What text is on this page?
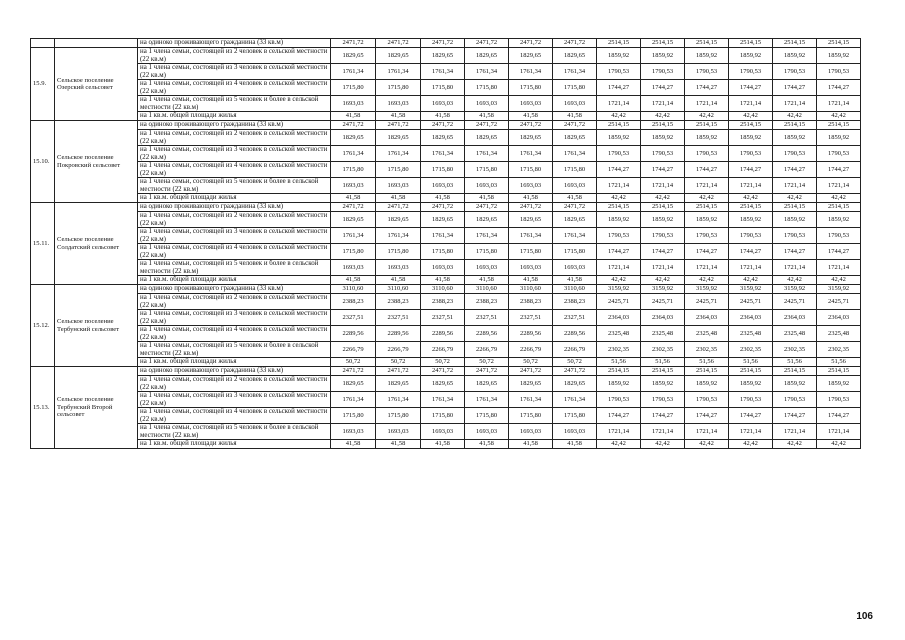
		на одиноко проживающего гражданина (33 кв.м)	2471,72	2471,72	2471,72	2471,72	2471,72	2471,72	2514,15	2514,15	2514,15	2514,15	2514,15	2514,15
15.9.	Сельское поселение Озерский сельсовет	на 1 члена семьи, состоящей из 2 человек в сельской местности (22 кв.м)	1829,65	1829,65	1829,65	1829,65	1829,65	1829,65	1859,92	1859,92	1859,92	1859,92	1859,92	1859,92
		на 1 члена семьи, состоящей из 3 человек в сельской местности (22 кв.м)	1761,34	1761,34	1761,34	1761,34	1761,34	1761,34	1790,53	1790,53	1790,53	1790,53	1790,53	1790,53
		на 1 члена семьи, состоящей из 4 человек в сельской местности (22 кв.м)	1715,80	1715,80	1715,80	1715,80	1715,80	1715,80	1744,27	1744,27	1744,27	1744,27	1744,27	1744,27
		на 1 члена семьи, состоящей из 5 человек и более в сельской местности (22 кв.м)	1693,03	1693,03	1693,03	1693,03	1693,03	1693,03	1721,14	1721,14	1721,14	1721,14	1721,14	1721,14
		на 1 кв.м. общей площади жилья	41,58	41,58	41,58	41,58	41,58	41,58	42,42	42,42	42,42	42,42	42,42	42,42
15.10.	Сельское поселение Покровский сельсовет	на одиноко проживающего гражданина (33 кв.м)	2471,72	2471,72	2471,72	2471,72	2471,72	2471,72	2514,15	2514,15	2514,15	2514,15	2514,15	2514,15
		на 1 члена семьи, состоящей из 2 человек в сельской местности (22 кв.м)	1829,65	1829,65	1829,65	1829,65	1829,65	1829,65	1859,92	1859,92	1859,92	1859,92	1859,92	1859,92
		на 1 члена семьи, состоящей из 3 человек в сельской местности (22 кв.м)	1761,34	1761,34	1761,34	1761,34	1761,34	1761,34	1790,53	1790,53	1790,53	1790,53	1790,53	1790,53
		на 1 члена семьи, состоящей из 4 человек в сельской местности (22 кв.м)	1715,80	1715,80	1715,80	1715,80	1715,80	1715,80	1744,27	1744,27	1744,27	1744,27	1744,27	1744,27
		на 1 члена семьи, состоящей из 5 человек и более в сельской местности (22 кв.м)	1693,03	1693,03	1693,03	1693,03	1693,03	1693,03	1721,14	1721,14	1721,14	1721,14	1721,14	1721,14
		на 1 кв.м. общей площади жилья	41,58	41,58	41,58	41,58	41,58	41,58	42,42	42,42	42,42	42,42	42,42	42,42
15.11.	Сельское поселение Солдатский сельсовет	на одиноко проживающего гражданина (33 кв.м)	2471,72	2471,72	2471,72	2471,72	2471,72	2471,72	2514,15	2514,15	2514,15	2514,15	2514,15	2514,15
		на 1 члена семьи, состоящей из 2 человек в сельской местности (22 кв.м)	1829,65	1829,65	1829,65	1829,65	1829,65	1829,65	1859,92	1859,92	1859,92	1859,92	1859,92	1859,92
		на 1 члена семьи, состоящей из 3 человек в сельской местности (22 кв.м)	1761,34	1761,34	1761,34	1761,34	1761,34	1761,34	1790,53	1790,53	1790,53	1790,53	1790,53	1790,53
		на 1 члена семьи, состоящей из 4 человек в сельской местности (22 кв.м)	1715,80	1715,80	1715,80	1715,80	1715,80	1715,80	1744,27	1744,27	1744,27	1744,27	1744,27	1744,27
		на 1 члена семьи, состоящей из 5 человек и более в сельской местности (22 кв.м)	1693,03	1693,03	1693,03	1693,03	1693,03	1693,03	1721,14	1721,14	1721,14	1721,14	1721,14	1721,14
		на 1 кв.м. общей площади жилья	41,58	41,58	41,58	41,58	41,58	41,58	42,42	42,42	42,42	42,42	42,42	42,42
15.12.	Сельское поселение Тербунский сельсовет	на одиноко проживающего гражданина (33 кв.м)	3110,60	3110,60	3110,60	3110,60	3110,60	3110,60	3159,92	3159,92	3159,92	3159,92	3159,92	3159,92
		на 1 члена семьи, состоящей из 2 человек в сельской местности (22 кв.м)	2388,23	2388,23	2388,23	2388,23	2388,23	2388,23	2425,71	2425,71	2425,71	2425,71	2425,71	2425,71
		на 1 члена семьи, состоящей из 3 человек в сельской местности (22 кв.м)	2327,51	2327,51	2327,51	2327,51	2327,51	2327,51	2364,03	2364,03	2364,03	2364,03	2364,03	2364,03
		на 1 члена семьи, состоящей из 4 человек в сельской местности (22 кв.м)	2289,56	2289,56	2289,56	2289,56	2289,56	2289,56	2325,48	2325,48	2325,48	2325,48	2325,48	2325,48
		на 1 члена семьи, состоящей из 5 человек и более в сельской местности (22 кв.м)	2266,79	2266,79	2266,79	2266,79	2266,79	2266,79	2302,35	2302,35	2302,35	2302,35	2302,35	2302,35
		на 1 кв.м. общей площади жилья	50,72	50,72	50,72	50,72	50,72	50,72	51,56	51,56	51,56	51,56	51,56	51,56
15.13.	Сельское поселение Тербунский Второй сельсовет	на одиноко проживающего гражданина (33 кв.м)	2471,72	2471,72	2471,72	2471,72	2471,72	2471,72	2514,15	2514,15	2514,15	2514,15	2514,15	2514,15
		на 1 члена семьи, состоящей из 2 человек в сельской местности (22 кв.м)	1829,65	1829,65	1829,65	1829,65	1829,65	1829,65	1859,92	1859,92	1859,92	1859,92	1859,92	1859,92
		на 1 члена семьи, состоящей из 3 человек в сельской местности (22 кв.м)	1761,34	1761,34	1761,34	1761,34	1761,34	1761,34	1790,53	1790,53	1790,53	1790,53	1790,53	1790,53
		на 1 члена семьи, состоящей из 4 человек в сельской местности (22 кв.м)	1715,80	1715,80	1715,80	1715,80	1715,80	1715,80	1744,27	1744,27	1744,27	1744,27	1744,27	1744,27
		на 1 члена семьи, состоящей из 5 человек и более в сельской местности (22 кв.м)	1693,03	1693,03	1693,03	1693,03	1693,03	1693,03	1721,14	1721,14	1721,14	1721,14	1721,14	1721,14
		на 1 кв.м. общей площади жилья	41,58	41,58	41,58	41,58	41,58	41,58	42,42	42,42	42,42	42,42	42,42	42,42
106
